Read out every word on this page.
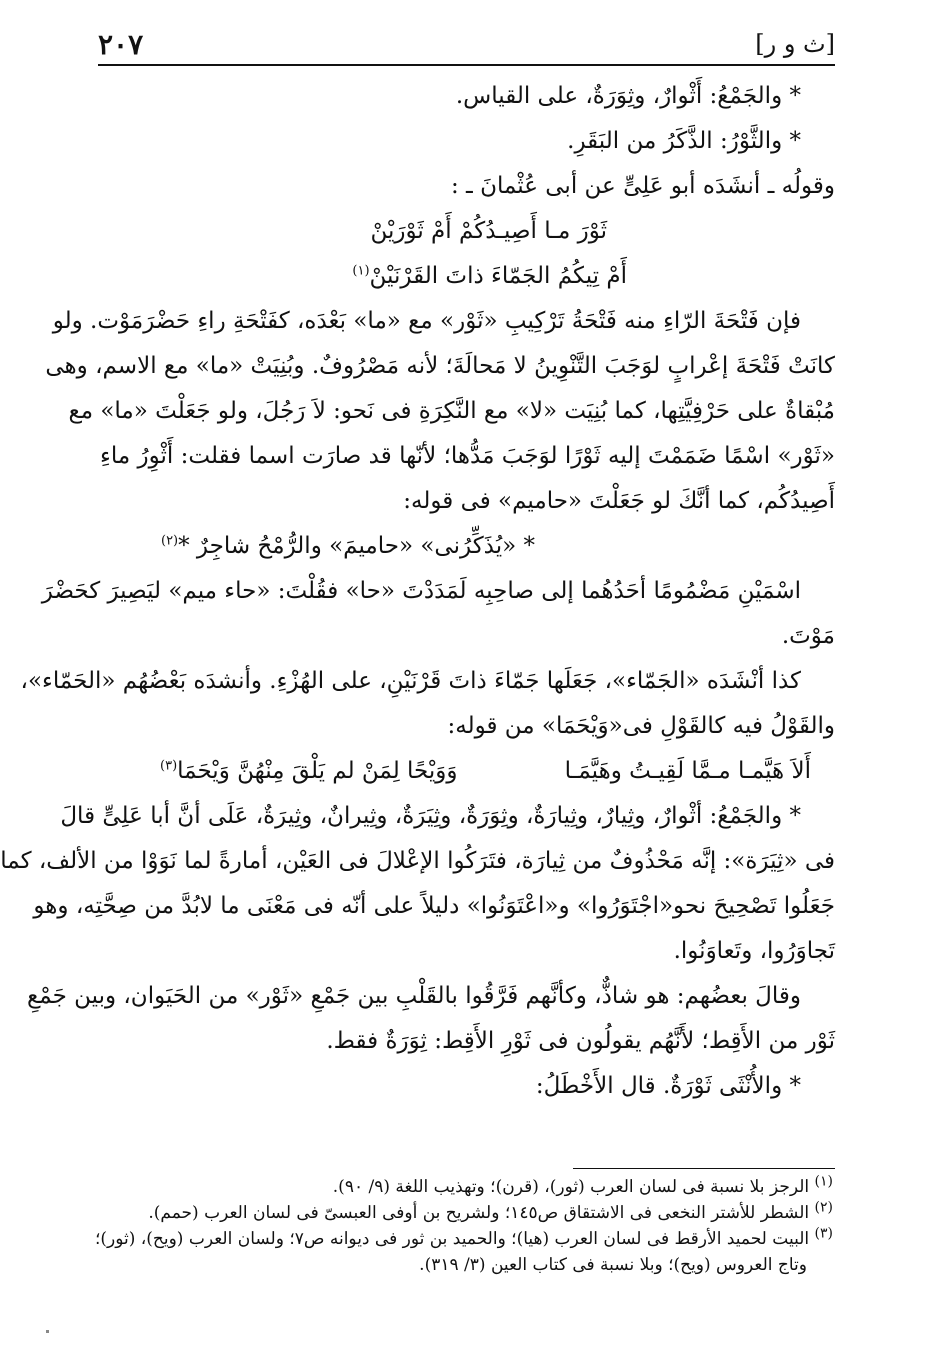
[ث و ر]
٢٠٧
* والجَمْعُ: أَثْوارٌ، وثِوَرَةٌ، على القياس.
* والثَّوْرُ: الذَّكَرُ من البَقَرِ.
وقولُه ـ أنشَدَه أبو عَلِىٍّ عن أبى عُثْمانَ ـ :
ثَوْرَ مـا أَصِيـدُكُمْ أَمْ ثَوْرَيْنْ
أَمْ تِيكُمُ الجَمّاءَ ذاتَ القَرْنَيْنْ$^{(١)}$
فإن فَتْحَةَ الرّاءِ منه فَتْحَةُ تَرْكِيبِ «ثَوْر» مع «ما» بَعْدَه، كفَتْحَةِ راءِ حَضْرَمَوْت. ولو
كانَتْ فَتْحَةَ إعْرابٍ لوَجَبَ التَّنْوِينُ لا مَحالَةَ؛ لأنه مَصْرُوفٌ. وبُنِيَتْ «ما» مع الاسم، وهى
مُبْقاةٌ على حَرْفِيَّتِها، كما بُنِيَت «لا» مع النَّكِرَةِ فى نَحو: لاَ رَجُلَ، ولو جَعَلْتَ «ما» مع
«ثَوْر» اسْمًا ضَمَمْتَ إليه ثَوْرًا لوَجَبَ مَدُّها؛ لأنّها قد صارَت اسما فقلت: أَثْوِرُ ماءِ
أَصِيدُكُم، كما أنَّكَ لو جَعَلْتَ «حاميم» فى قوله:
* «يُذَكِّرُنى» «حاميمَ» والرُّمْحُ شاجِرٌ *$^{(٢)}$
اسْمَيْنِ مَضْمُومًا أحَدُهُما إلى صاحِبِه لَمَدَدْتَ «حا» فقُلْتَ: «حاء ميم» ليَصِيرَ كحَضْرَ
مَوْتَ.
كذا أنْشَدَه «الجَمّاء»، جَعَلَها جَمّاءَ ذاتَ قَرْنَيْنِ، على الهُزْءِ. وأنشدَه بَعْضُهُم «الحَمّاء»،
والقَوْلُ فيه كالقَوْلِ فى«وَيْحَمَا» من قوله:
أَلاَ هَيَّمـا مـمَّا لَقِيـتُ وهَيَّمَـا
وَوَيْحًا لِمَنْ لم يَلْقَ مِنْهُنَّ وَيْحَمَا$^{(٣)}$
* والجَمْعُ: أثْوارٌ، وثِيارٌ، وثِيارَةٌ، وثِوَرَةٌ، وثِيَرَةٌ، وثِيرانٌ، وثِيرَةٌ، عَلَى أنَّ أبا عَلِىٍّ قالَ
فى «ثِيَرَة»: إنَّه مَحْذُوفٌ من ثِيارَة، فتَرَكُوا الإعْلالَ فى العَيْن، أمارةً لما نَوَوْا من الألف، كما
جَعَلُوا تَصْحِيحَ نحو«اجْتَوَرُوا» و«اعْتَوَنُوا» دليلاً على أنّه فى مَعْنَى ما لابُدَّ من صِحَّتِه، وهو
تَجاوَرُوا، وتَعاوَنُوا.
وقالَ بعضُهم: هو شاذٌّ، وكأنَّهم فَرَّقُوا بالقَلْبِ بين جَمْعِ «ثَوْر» من الحَيَوان، وبين جَمْعِ
ثَوْر من الأَقِط؛ لأَنَّهُم يقولُون فى ثَوْرِ الأَقِط: ثِوَرَةٌ فقط.
* والأُنْثَى ثَوْرَةٌ. قال الأَخْطَلُ:
$^{(١)}$ الرجز بلا نسبة فى لسان العرب (ثور)، (قرن)؛ وتهذيب اللغة (٩/ ٩٠).
$^{(٢)}$ الشطر للأشتر النخعى فى الاشتقاق ص١٤٥؛ ولشريح بن أوفى العبسىّ فى لسان العرب (حمم).
$^{(٣)}$ البيت لحميد الأرقط فى لسان العرب (هيا)؛ والحميد بن ثور فى ديوانه ص٧؛ ولسان العرب (ويح)، (ثور)؛
وتاج العروس (ويح)؛ وبلا نسبة فى كتاب العين (٣/ ٣١٩).
